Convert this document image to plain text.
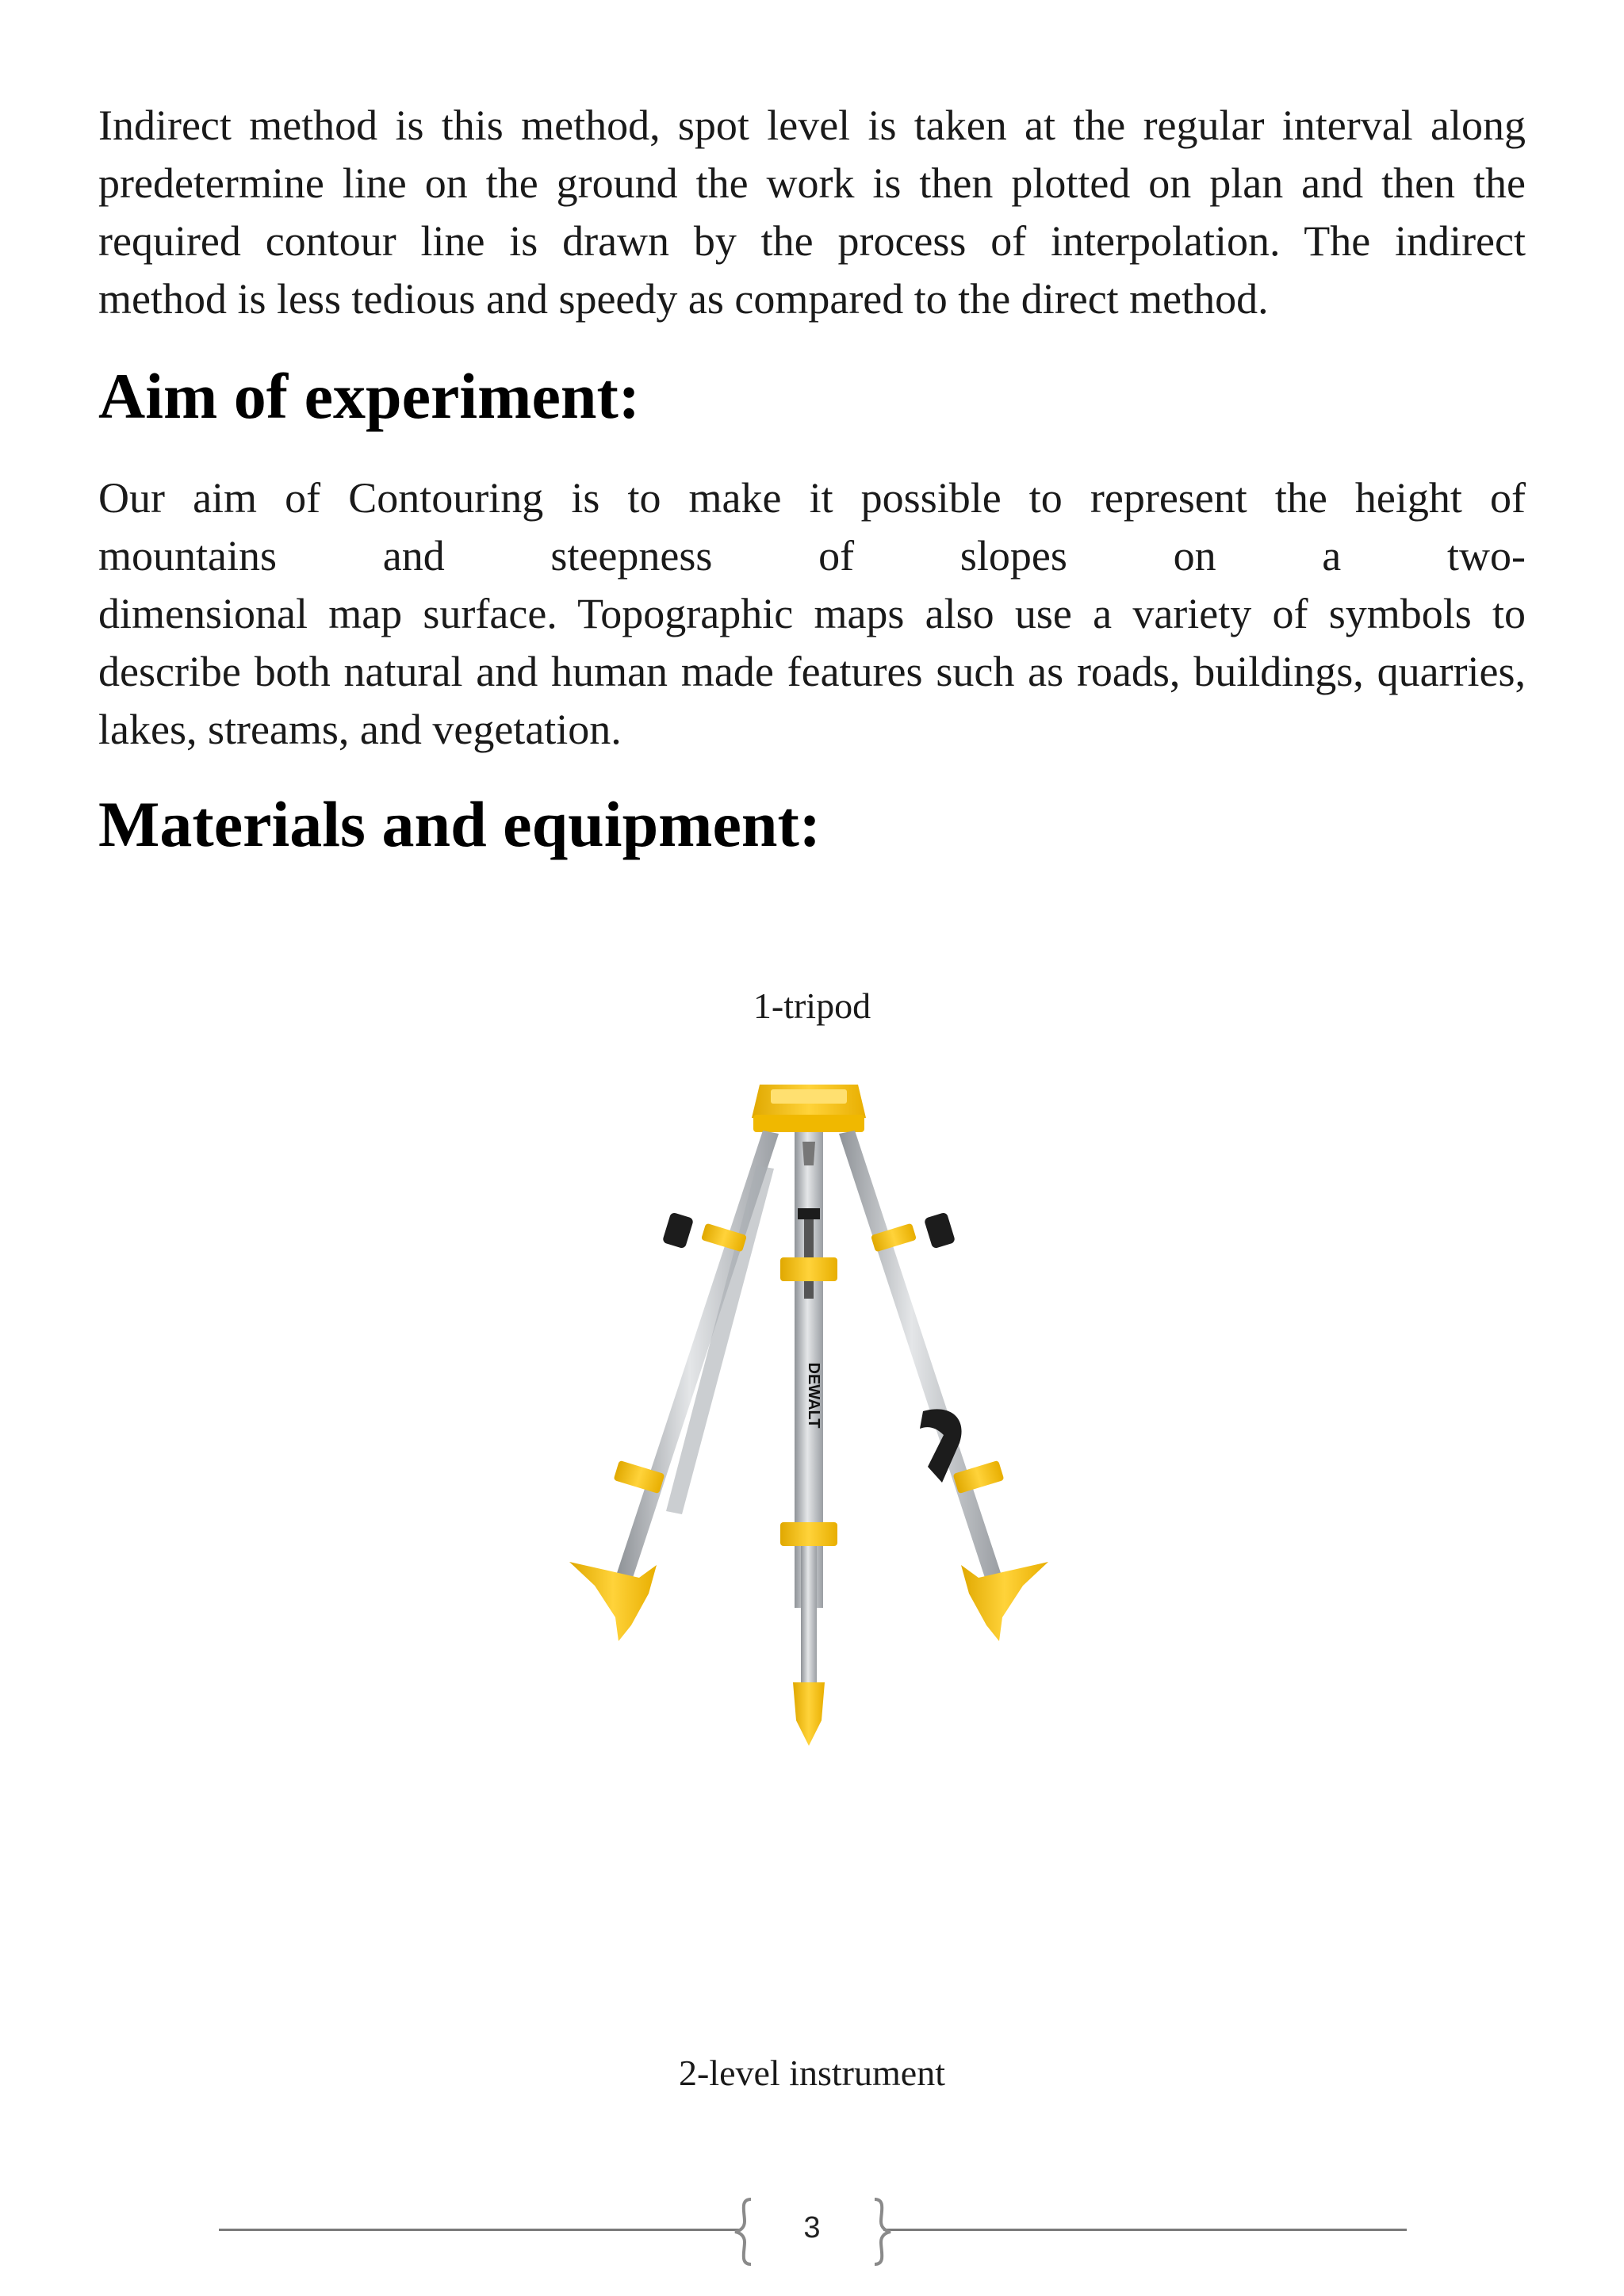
Indirect method is this method, spot level is taken at the regular interval along
predetermine line on the ground the work is then plotted on plan and then the
required contour line is drawn by the process of interpolation. The indirect
method is less tedious and speedy as compared to the direct method.

Aim of experiment:

Our aim of Contouring is to make it possible to represent the height of
mountains and steepness of slopes on a two-
dimensional map surface. Topographic maps also use a variety of symbols to
describe both natural and human made features such as roads, buildings, quarries,
lakes, streams, and vegetation.

Materials and equipment:
1-tripod
DEWALT
2-level instrument
3
